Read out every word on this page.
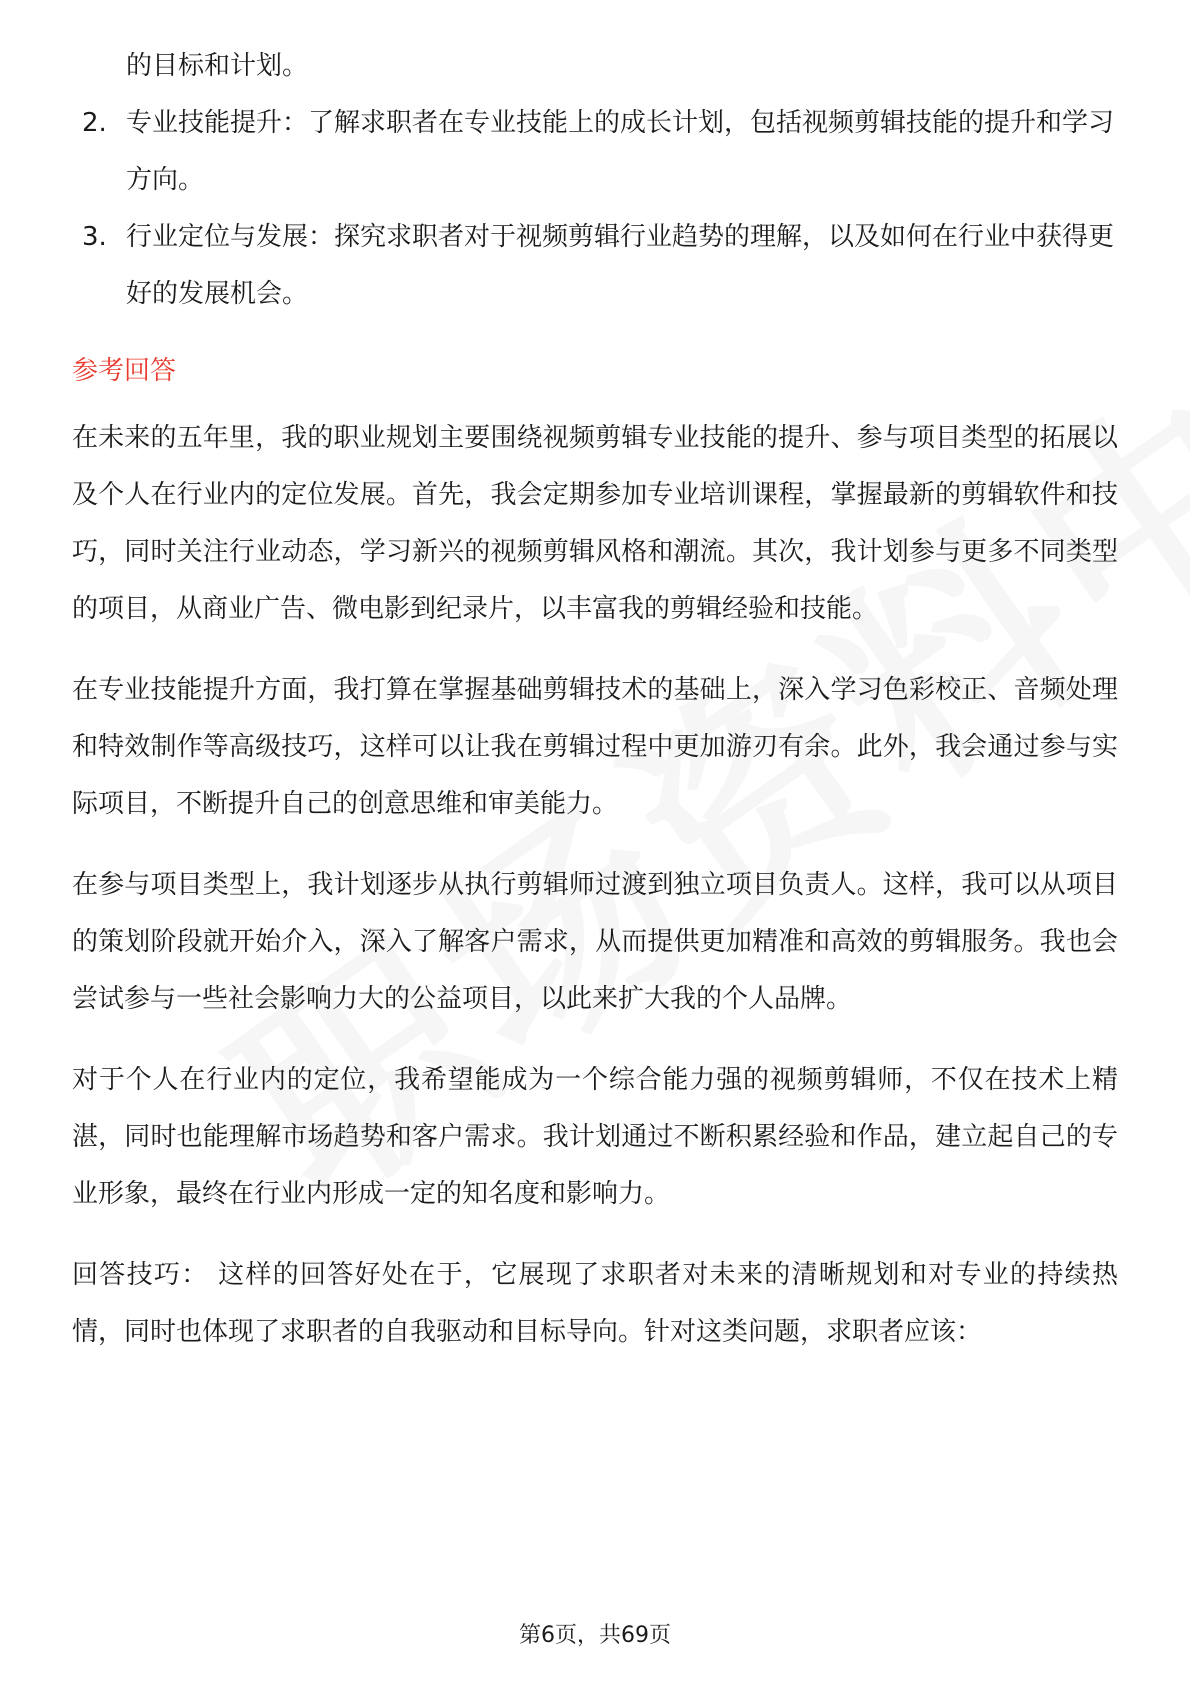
的目标和计划。

2. 专业技能提升：了解求职者在专业技能上的成长计划，包括视频剪辑技能的提升和学习方向。
3. 行业定位与发展：探究求职者对于视频剪辑行业趋势的理解，以及如何在行业中获得更好的发展机会。
参考回答

在未来的五年里，我的职业规划主要围绕视频剪辑专业技能的提升、参与项目类型的拓展以及个人在行业内的定位发展。首先，我会定期参加专业培训课程，掌握最新的剪辑软件和技巧，同时关注行业动态，学习新兴的视频剪辑风格和潮流。其次，我计划参与更多不同类型的项目，从商业广告、微电影到纪录片，以丰富我的剪辑经验和技能。

在专业技能提升方面，我打算在掌握基础剪辑技术的基础上，深入学习色彩校正、音频处理和特效制作等高级技巧，这样可以让我在剪辑过程中更加游刃有余。此外，我会通过参与实际项目，不断提升自己的创意思维和审美能力。

在参与项目类型上，我计划逐步从执行剪辑师过渡到独立项目负责人。这样，我可以从项目的策划阶段就开始介入，深入了解客户需求，从而提供更加精准和高效的剪辑服务。我也会尝试参与一些社会影响力大的公益项目，以此来扩大我的个人品牌。

对于个人在行业内的定位，我希望能成为一个综合能力强的视频剪辑师，不仅在技术上精湛，同时也能理解市场趋势和客户需求。我计划通过不断积累经验和作品，建立起自己的专业形象，最终在行业内形成一定的知名度和影响力。

回答技巧： 这样的回答好处在于，它展现了求职者对未来的清晰规划和对专业的持续热情，同时也体现了求职者的自我驱动和目标导向。针对这类问题，求职者应该：

第6页，共69页
